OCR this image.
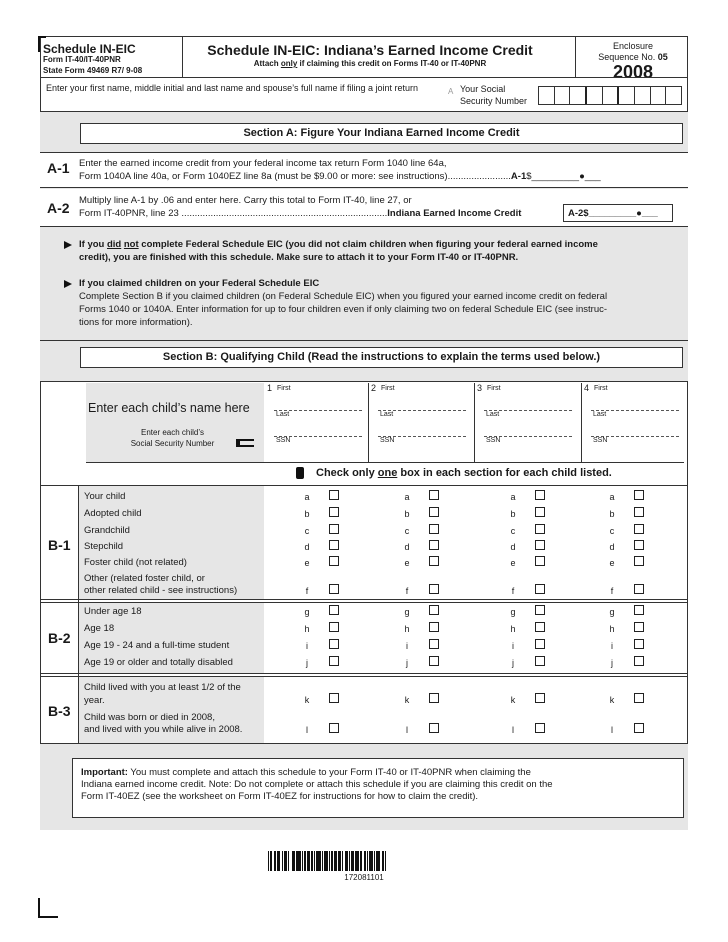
Schedule IN-EIC
Form IT-40/IT-40PNR
State Form 49469 R7/ 9-08
Schedule IN-EIC: Indiana’s Earned Income Credit
Attach only if claiming this credit on Forms IT-40 or IT-40PNR
Enclosure
Sequence No. 05
2008
Enter your first name, middle initial and last name and spouse’s full name if filing a joint return	A Your Social
Security Number
Section A: Figure Your Indiana Earned Income Credit
A-1 Enter the earned income credit from your federal income tax return Form 1040 line 64a,
Form 1040A line 40a, or Form 1040EZ line 8a (must be $9.00 or more: see instructions)........................A-1$_________●___
A-2 Multiply line A-1 by .06 and enter here. Carry this total to Form IT-40, line 27, or
Form IT-40PNR, line 23 ..............................................................................Indiana Earned Income Credit	A-2$_________●___
If you did not complete Federal Schedule EIC (you did not claim children when figuring your federal earned income
credit), you are finished with this schedule. Make sure to attach it to your Form IT-40 or IT-40PNR.
If you claimed children on your Federal Schedule EIC
Complete Section B if you claimed children (on Federal Schedule EIC) when you figured your earned income credit on federal
Forms 1040 or 1040A. Enter information for up to four children even if only claiming two on federal Schedule EIC (see instruc-
tions for more information).
Section B: Qualifying Child (Read the instructions to explain the terms used below.)
Enter each child’s name here
Enter each child’s
Social Security Number
1 First
Last
SSN
2 First
Last
SSN
3 First
Last
SSN
4 First
Last
SSN
Check only one box in each section for each child listed.
B-1
B-2
B-3
Your child
Adopted child
Grandchild
Stepchild
Foster child (not related)
Other (related foster child, or
other related child - see instructions)
Under age 18
Age 18
Age 19 - 24 and a full-time student
Age 19 or older and totally disabled
Child lived with you at least 1/2 of the
year.
Child was born or died in 2008,
and lived with you while alive in 2008.
a
b
c
d
e
f
g
h
i
j
k
l
a
b
c
d
e
f
g
h
i
j
k
l
a
b
c
d
e
f
g
h
i
j
k
l
a
b
c
d
e
f
g
h
i
j
k
l
Important: You must complete and attach this schedule to your Form IT-40 or IT-40PNR when claiming the
Indiana earned income credit. Note: Do not complete or attach this schedule if you are claiming this credit on the
Form IT-40EZ (see the worksheet on Form IT-40EZ for instructions for how to claim the credit).
172081101
